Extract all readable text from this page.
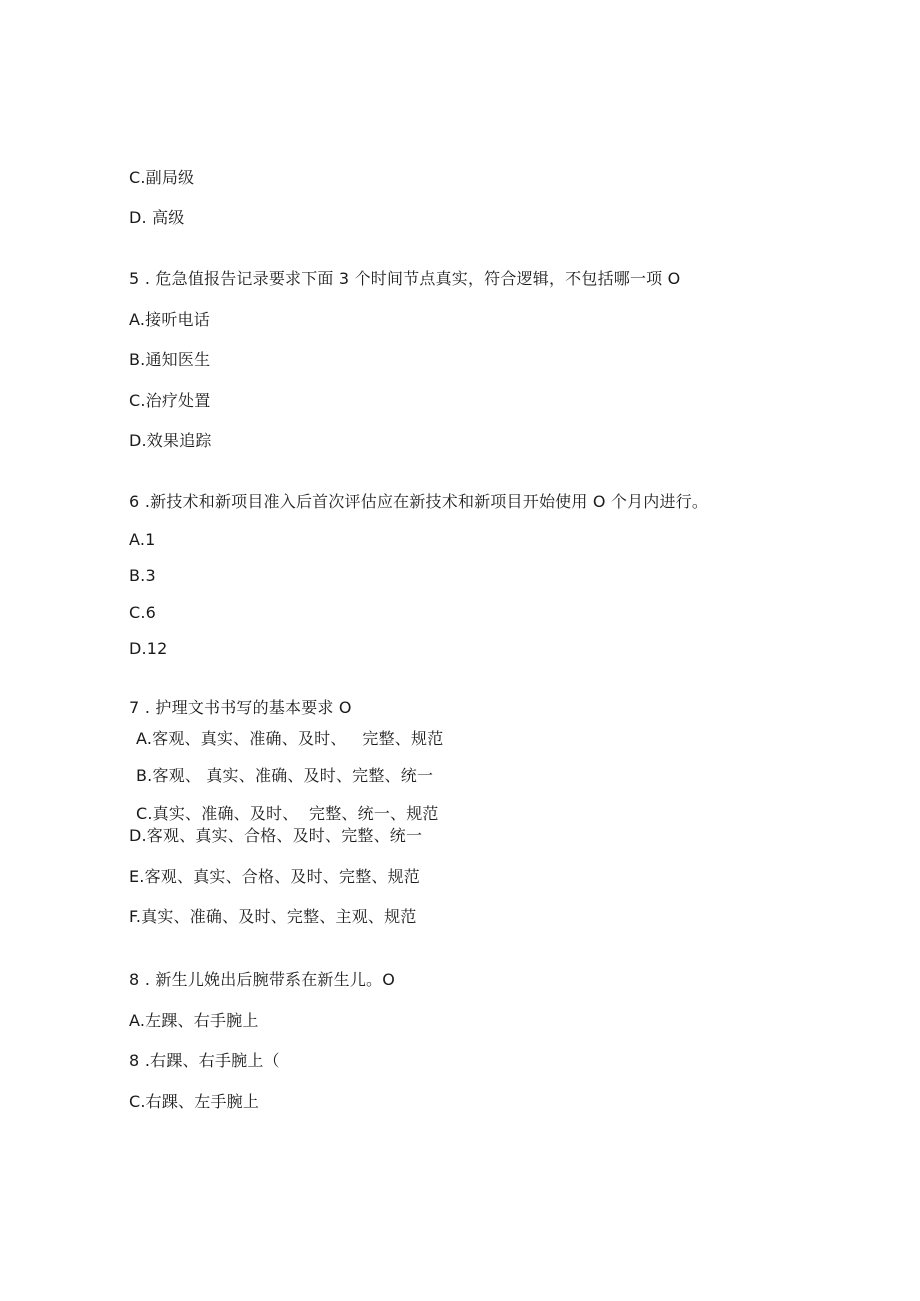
C.副局级
D. 高级
5	. 危急值报告记录要求下面 3 个时间节点真实，符合逻辑，不包括哪一项 O
A.接听电话
B.通知医生
C.治疗处置
D.效果追踪
6	.新技术和新项目准入后首次评估应在新技术和新项目开始使用 O 个月内进行。
A.1
B.3
C.6
D.12
7	. 护理文书书写的基本要求 O
A.客观、真实、准确、及时、   完整、规范
B.客观、 真实、准确、及时、完整、统一
C.真实、准确、及时、  完整、统一、规范
D.客观、真实、合格、及时、完整、统一
E.客观、真实、合格、及时、完整、规范
F.真实、准确、及时、完整、主观、规范
8	. 新生儿娩出后腕带系在新生儿。O
A.左踝、右手腕上
8	.右踝、右手腕上（
C.右踝、左手腕上
